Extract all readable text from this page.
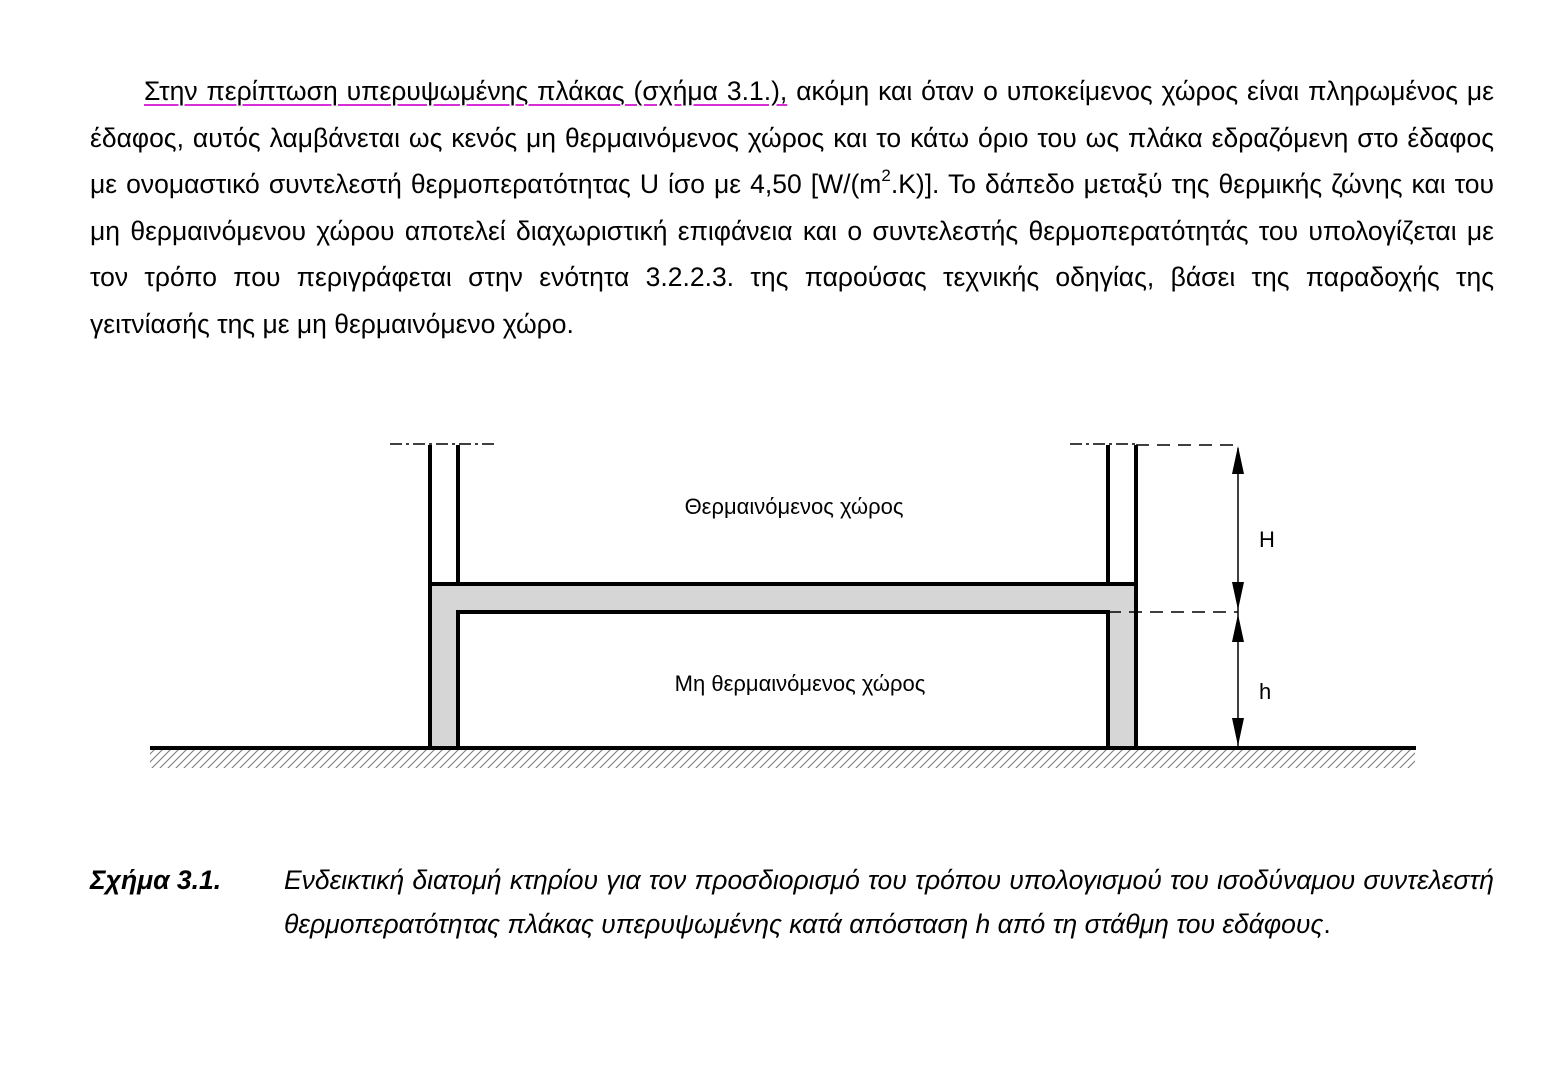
Στην περίπτωση υπερυψωμένης πλάκας (σχήμα 3.1.), ακόμη και όταν ο υποκείμενος χώρος είναι πληρωμένος με έδαφος, αυτός λαμβάνεται ως κενός μη θερμαινόμενος χώρος και το κάτω όριο του ως πλάκα εδραζόμενη στο έδαφος με ονομαστικό συντελεστή θερμοπερατότητας U ίσο με 4,50 $[W/(m^2.K)]$. Το δάπεδο μεταξύ της θερμικής ζώνης και του μη θερμαινόμενου χώρου αποτελεί διαχωριστική επιφάνεια και ο συντελεστής θερμοπερατότητάς του υπολογίζεται με τον τρόπο που περιγράφεται στην ενότητα 3.2.2.3. της παρούσας τεχνικής οδηγίας, βάσει της παραδοχής της γειτνίασής της με μη θερμαινόμενο χώρο.

Θερμαινόμενος χώρος
Μη θερμαινόμενος χώρος
H
h

Σχήμα 3.1. Ενδεικτική διατομή κτηρίου για τον προσδιορισμό του τρόπου υπολογισμού του ισοδύναμου συντελεστή θερμοπερατότητας πλάκας υπερυψωμένης κατά απόσταση h από τη στάθμη του εδάφους.
